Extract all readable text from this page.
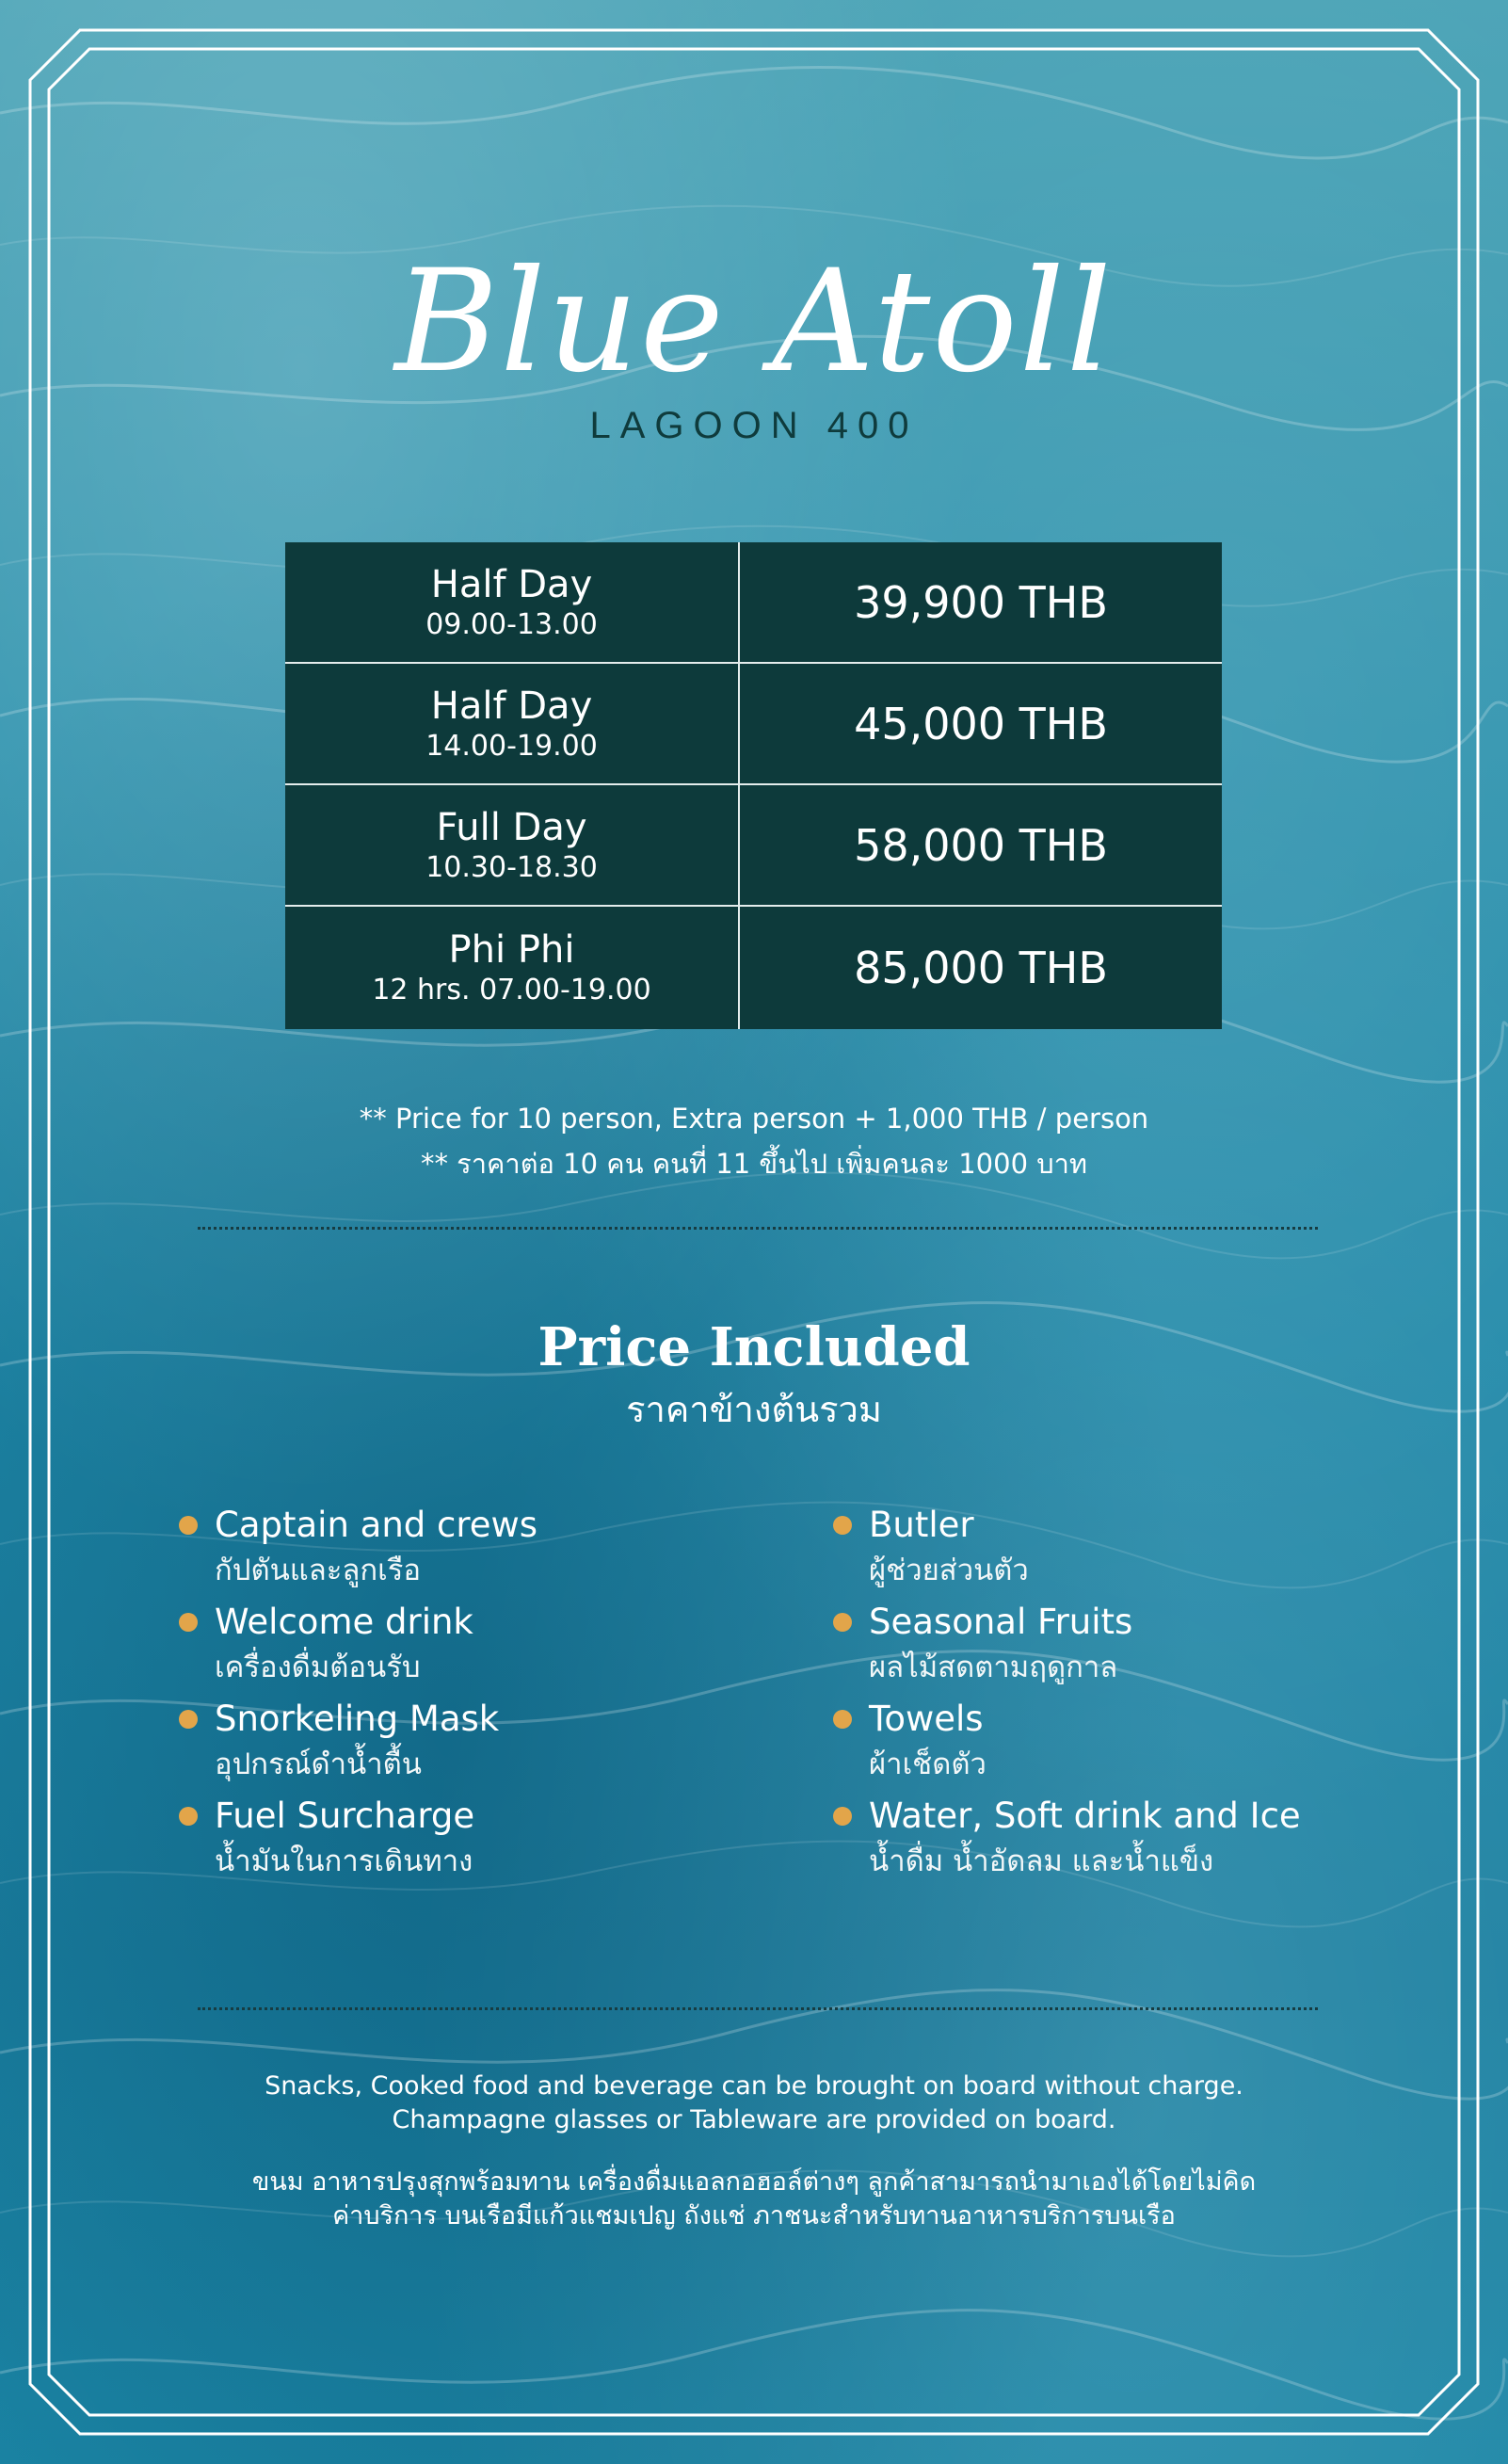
Blue Atoll
LAGOON 400
Half Day
09.00-13.00	39,900 THB
Half Day
14.00-19.00	45,000 THB
Full Day
10.30-18.30	58,000 THB
Phi Phi
12 hrs. 07.00-19.00	85,000 THB
** Price for 10 person, Extra person + 1,000 THB / person
** ราคาต่อ 10 คน คนที่ 11 ขึ้นไป เพิ่มคนละ 1000 บาท
Price Included
ราคาข้างต้นรวม
Captain and crews
กัปตันและลูกเรือ
Welcome drink
เครื่องดื่มต้อนรับ
Snorkeling Mask
อุปกรณ์ดำน้ำตื้น
Fuel Surcharge
น้ำมันในการเดินทาง
Butler
ผู้ช่วยส่วนตัว
Seasonal Fruits
ผลไม้สดตามฤดูกาล
Towels
ผ้าเช็ดตัว
Water, Soft drink and Ice
น้ำดื่ม น้ำอัดลม และน้ำแข็ง
Snacks, Cooked food and beverage can be brought on board without charge.
Champagne glasses or Tableware are provided on board.
ขนม อาหารปรุงสุกพร้อมทาน เครื่องดื่มแอลกอฮอล์ต่างๆ ลูกค้าสามารถนำมาเองได้โดยไม่คิด
ค่าบริการ บนเรือมีแก้วแชมเปญ ถังแช่ ภาชนะสำหรับทานอาหารบริการบนเรือ
